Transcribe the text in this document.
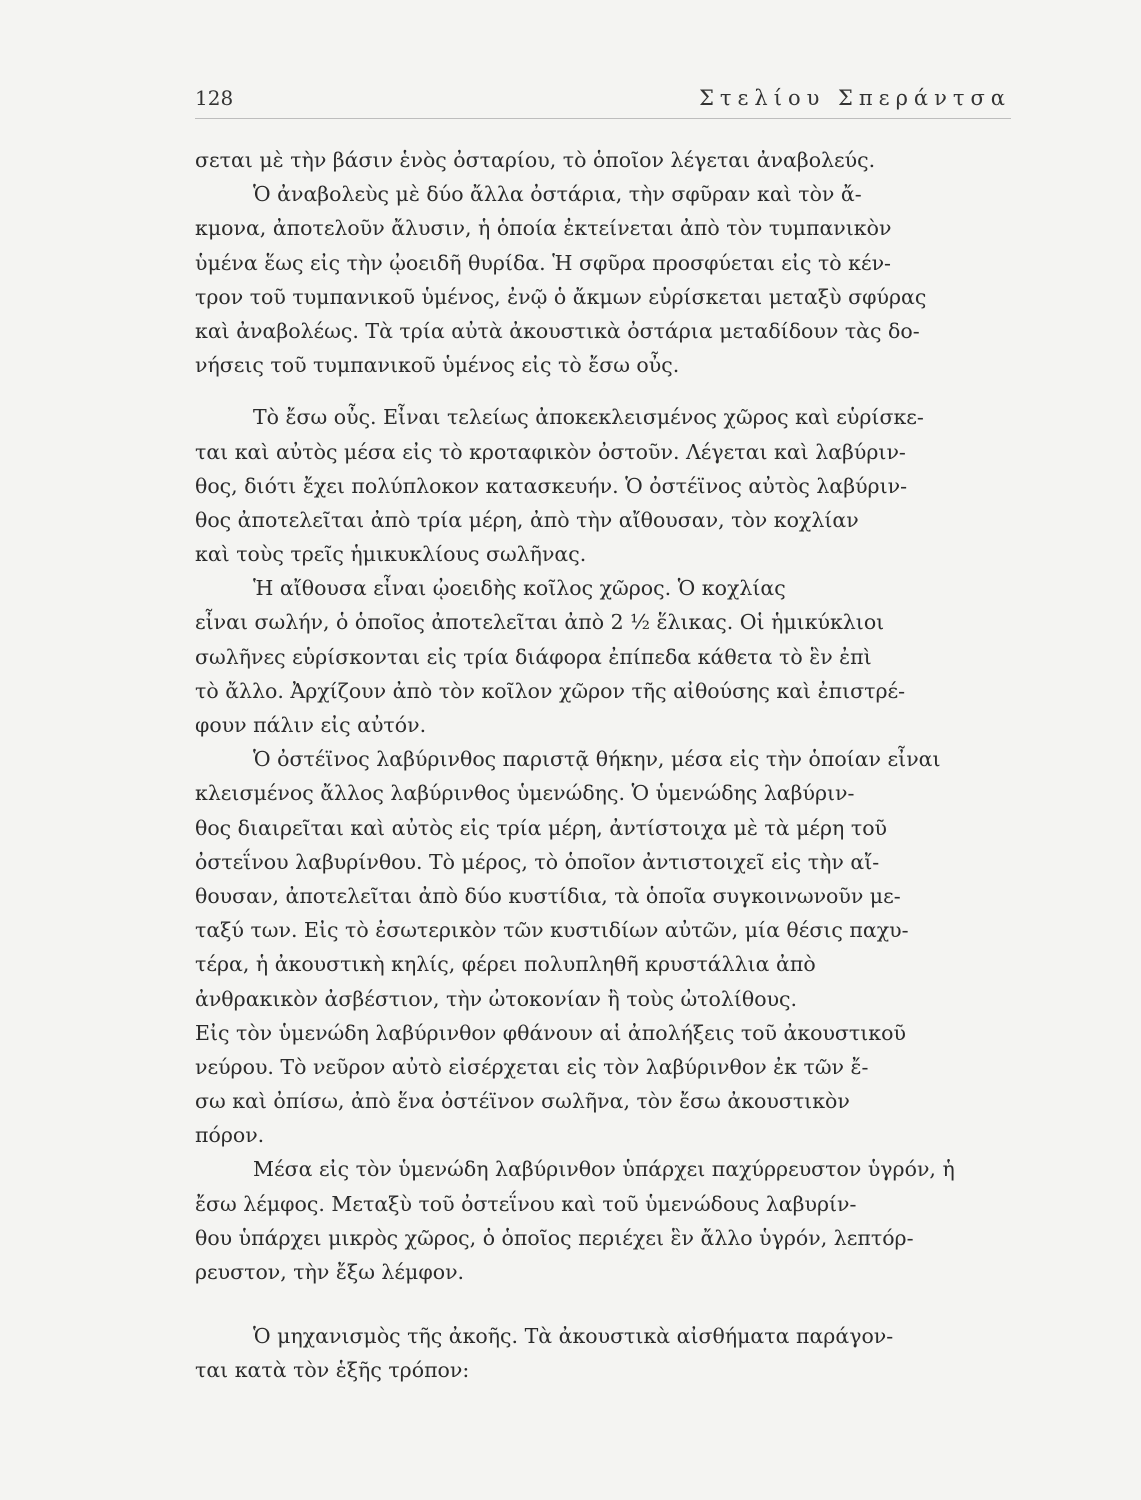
128	Στελίου Σπεράντσα
σεται μὲ τὴν βάσιν ἑνὸς ὀσταρίου, τὸ ὁποῖον λέγεται ἀναβολεύς.
Ὁ ἀναβολεὺς μὲ δύο ἄλλα ὀστάρια, τὴν σφῦραν καὶ τὸν ἄ-
κμονα, ἀποτελοῦν ἄλυσιν, ἡ ὁποία ἐκτείνεται ἀπὸ τὸν τυμπανικὸν
ὑμένα ἕως εἰς τὴν ᾠοειδῆ θυρίδα. Ἡ σφῦρα προσφύεται εἰς τὸ κέν-
τρον τοῦ τυμπανικοῦ ὑμένος, ἐνῷ ὁ ἄκμων εὑρίσκεται μεταξὺ σφύρας
καὶ ἀναβολέως. Τὰ τρία αὐτὰ ἀκουστικὰ ὀστάρια μεταδίδουν τὰς δο-
νήσεις τοῦ τυμπανικοῦ ὑμένος εἰς τὸ ἔσω οὖς.
Τὸ ἔσω οὖς. Εἶναι τελείως ἀποκεκλεισμένος χῶρος καὶ εὑρίσκε-
ται καὶ αὐτὸς μέσα εἰς τὸ κροταφικὸν ὀστοῦν. Λέγεται καὶ λαβύριν-
θος, διότι ἔχει πολύπλοκον κατασκευήν. Ὁ ὀστέϊνος αὐτὸς λαβύριν-
θος ἀποτελεῖται ἀπὸ τρία μέρη, ἀπὸ τὴν αἴθουσαν, τὸν κοχλίαν
καὶ τοὺς τρεῖς ἡμικυκλίους σωλῆνας.
Ἡ αἴθουσα εἶναι ᾠοειδὴς κοῖλος χῶρος. Ὁ κοχλίας
εἶναι σωλήν, ὁ ὁποῖος ἀποτελεῖται ἀπὸ 2 ½ ἕλικας. Οἱ ἡμικύκλιοι
σωλῆνες εὑρίσκονται εἰς τρία διάφορα ἐπίπεδα κάθετα τὸ ἓν ἐπὶ
τὸ ἄλλο. Ἀρχίζουν ἀπὸ τὸν κοῖλον χῶρον τῆς αἰθούσης καὶ ἐπιστρέ-
φουν πάλιν εἰς αὐτόν.
Ὁ ὀστέϊνος λαβύρινθος παριστᾷ θήκην, μέσα εἰς τὴν ὁποίαν εἶναι
κλεισμένος ἄλλος λαβύρινθος ὑμενώδης. Ὁ ὑμενώδης λαβύριν-
θος διαιρεῖται καὶ αὐτὸς εἰς τρία μέρη, ἀντίστοιχα μὲ τὰ μέρη τοῦ
ὀστεΐνου λαβυρίνθου. Τὸ μέρος, τὸ ὁποῖον ἀντιστοιχεῖ εἰς τὴν αἴ-
θουσαν, ἀποτελεῖται ἀπὸ δύο κυστίδια, τὰ ὁποῖα συγκοινωνοῦν με-
ταξύ των. Εἰς τὸ ἐσωτερικὸν τῶν κυστιδίων αὐτῶν, μία θέσις παχυ-
τέρα, ἡ ἀκουστικὴ κηλίς, φέρει πολυπληθῆ κρυστάλλια ἀπὸ
ἀνθρακικὸν ἀσβέστιον, τὴν ὠτοκονίαν ἢ τοὺς ὠτολίθους.
Εἰς τὸν ὑμενώδη λαβύρινθον φθάνουν αἱ ἀπολήξεις τοῦ ἀκουστικοῦ
νεύρου. Τὸ νεῦρον αὐτὸ εἰσέρχεται εἰς τὸν λαβύρινθον ἐκ τῶν ἔ-
σω καὶ ὀπίσω, ἀπὸ ἕνα ὀστέϊνον σωλῆνα, τὸν ἔσω ἀκουστικὸν
πόρον.
Μέσα εἰς τὸν ὑμενώδη λαβύρινθον ὑπάρχει παχύρρευστον ὑγρόν, ἡ
ἔσω λέμφος. Μεταξὺ τοῦ ὀστεΐνου καὶ τοῦ ὑμενώδους λαβυρίν-
θου ὑπάρχει μικρὸς χῶρος, ὁ ὁποῖος περιέχει ἓν ἄλλο ὑγρόν, λεπτόρ-
ρευστον, τὴν ἔξω λέμφον.
Ὁ μηχανισμὸς τῆς ἀκοῆς. Τὰ ἀκουστικὰ αἰσθήματα παράγον-
ται κατὰ τὸν ἑξῆς τρόπον:
